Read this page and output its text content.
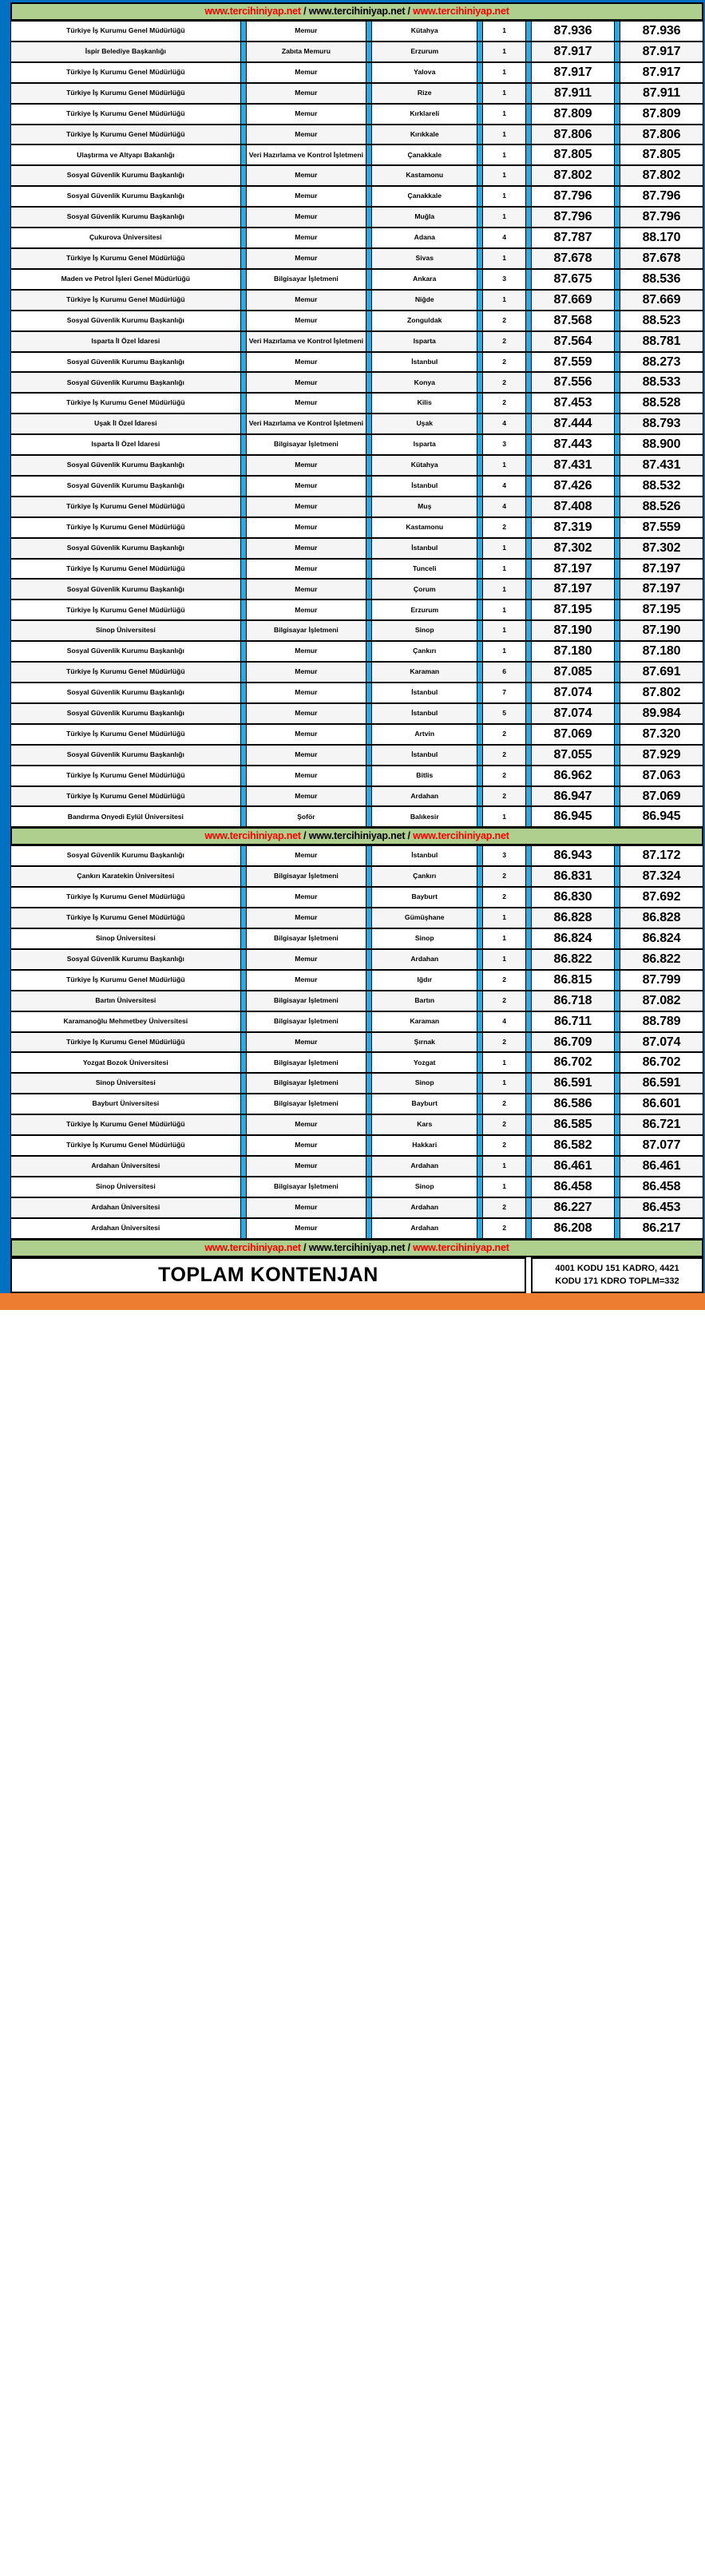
www.tercihiniyap.net / www.tercihiniyap.net / www.tercihiniyap.net										
Türkiye İş Kurumu Genel Müdürlüğü		Memur		Kütahya		1		87.936		87.936
İspir Belediye Başkanlığı		Zabıta Memuru		Erzurum		1		87.917		87.917
Türkiye İş Kurumu Genel Müdürlüğü		Memur		Yalova		1		87.917		87.917
Türkiye İş Kurumu Genel Müdürlüğü		Memur		Rize		1		87.911		87.911
Türkiye İş Kurumu Genel Müdürlüğü		Memur		Kırklareli		1		87.809		87.809
Türkiye İş Kurumu Genel Müdürlüğü		Memur		Kırıkkale		1		87.806		87.806
Ulaştırma ve Altyapı Bakanlığı		Veri Hazırlama ve Kontrol İşletmeni		Çanakkale		1		87.805		87.805
Sosyal Güvenlik Kurumu Başkanlığı		Memur		Kastamonu		1		87.802		87.802
Sosyal Güvenlik Kurumu Başkanlığı		Memur		Çanakkale		1		87.796		87.796
Sosyal Güvenlik Kurumu Başkanlığı		Memur		Muğla		1		87.796		87.796
Çukurova Üniversitesi		Memur		Adana		4		87.787		88.170
Türkiye İş Kurumu Genel Müdürlüğü		Memur		Sivas		1		87.678		87.678
Maden ve Petrol İşleri Genel Müdürlüğü		Bilgisayar İşletmeni		Ankara		3		87.675		88.536
Türkiye İş Kurumu Genel Müdürlüğü		Memur		Niğde		1		87.669		87.669
Sosyal Güvenlik Kurumu Başkanlığı		Memur		Zonguldak		2		87.568		88.523
Isparta İl Özel İdaresi		Veri Hazırlama ve Kontrol İşletmeni		Isparta		2		87.564		88.781
Sosyal Güvenlik Kurumu Başkanlığı		Memur		İstanbul		2		87.559		88.273
Sosyal Güvenlik Kurumu Başkanlığı		Memur		Konya		2		87.556		88.533
Türkiye İş Kurumu Genel Müdürlüğü		Memur		Kilis		2		87.453		88.528
Uşak İl Özel İdaresi		Veri Hazırlama ve Kontrol İşletmeni		Uşak		4		87.444		88.793
Isparta İl Özel İdaresi		Bilgisayar İşletmeni		Isparta		3		87.443		88.900
Sosyal Güvenlik Kurumu Başkanlığı		Memur		Kütahya		1		87.431		87.431
Sosyal Güvenlik Kurumu Başkanlığı		Memur		İstanbul		4		87.426		88.532
Türkiye İş Kurumu Genel Müdürlüğü		Memur		Muş		4		87.408		88.526
Türkiye İş Kurumu Genel Müdürlüğü		Memur		Kastamonu		2		87.319		87.559
Sosyal Güvenlik Kurumu Başkanlığı		Memur		İstanbul		1		87.302		87.302
Türkiye İş Kurumu Genel Müdürlüğü		Memur		Tunceli		1		87.197		87.197
Sosyal Güvenlik Kurumu Başkanlığı		Memur		Çorum		1		87.197		87.197
Türkiye İş Kurumu Genel Müdürlüğü		Memur		Erzurum		1		87.195		87.195
Sinop Üniversitesi		Bilgisayar İşletmeni		Sinop		1		87.190		87.190
Sosyal Güvenlik Kurumu Başkanlığı		Memur		Çankırı		1		87.180		87.180
Türkiye İş Kurumu Genel Müdürlüğü		Memur		Karaman		6		87.085		87.691
Sosyal Güvenlik Kurumu Başkanlığı		Memur		İstanbul		7		87.074		87.802
Sosyal Güvenlik Kurumu Başkanlığı		Memur		İstanbul		5		87.074		89.984
Türkiye İş Kurumu Genel Müdürlüğü		Memur		Artvin		2		87.069		87.320
Sosyal Güvenlik Kurumu Başkanlığı		Memur		İstanbul		2		87.055		87.929
Türkiye İş Kurumu Genel Müdürlüğü		Memur		Bitlis		2		86.962		87.063
Türkiye İş Kurumu Genel Müdürlüğü		Memur		Ardahan		2		86.947		87.069
Bandırma Onyedi Eylül Üniversitesi		Şoför		Balıkesir		1		86.945		86.945
www.tercihiniyap.net / www.tercihiniyap.net / www.tercihiniyap.net										
Sosyal Güvenlik Kurumu Başkanlığı		Memur		İstanbul		3		86.943		87.172
Çankırı Karatekin Üniversitesi		Bilgisayar İşletmeni		Çankırı		2		86.831		87.324
Türkiye İş Kurumu Genel Müdürlüğü		Memur		Bayburt		2		86.830		87.692
Türkiye İş Kurumu Genel Müdürlüğü		Memur		Gümüşhane		1		86.828		86.828
Sinop Üniversitesi		Bilgisayar İşletmeni		Sinop		1		86.824		86.824
Sosyal Güvenlik Kurumu Başkanlığı		Memur		Ardahan		1		86.822		86.822
Türkiye İş Kurumu Genel Müdürlüğü		Memur		Iğdır		2		86.815		87.799
Bartın Üniversitesi		Bilgisayar İşletmeni		Bartın		2		86.718		87.082
Karamanoğlu Mehmetbey Üniversitesi		Bilgisayar İşletmeni		Karaman		4		86.711		88.789
Türkiye İş Kurumu Genel Müdürlüğü		Memur		Şırnak		2		86.709		87.074
Yozgat Bozok Üniversitesi		Bilgisayar İşletmeni		Yozgat		1		86.702		86.702
Sinop Üniversitesi		Bilgisayar İşletmeni		Sinop		1		86.591		86.591
Bayburt Üniversitesi		Bilgisayar İşletmeni		Bayburt		2		86.586		86.601
Türkiye İş Kurumu Genel Müdürlüğü		Memur		Kars		2		86.585		86.721
Türkiye İş Kurumu Genel Müdürlüğü		Memur		Hakkari		2		86.582		87.077
Ardahan Üniversitesi		Memur		Ardahan		1		86.461		86.461
Sinop Üniversitesi		Bilgisayar İşletmeni		Sinop		1		86.458		86.458
Ardahan Üniversitesi		Memur		Ardahan		2		86.227		86.453
Ardahan Üniversitesi		Memur		Ardahan		2		86.208		86.217
www.tercihiniyap.net / www.tercihiniyap.net / www.tercihiniyap.net										
TOPLAM KONTENJAN								4001 KODU 151 KADRO, 4421
KODU 171 KDRO TOPLM=332		
